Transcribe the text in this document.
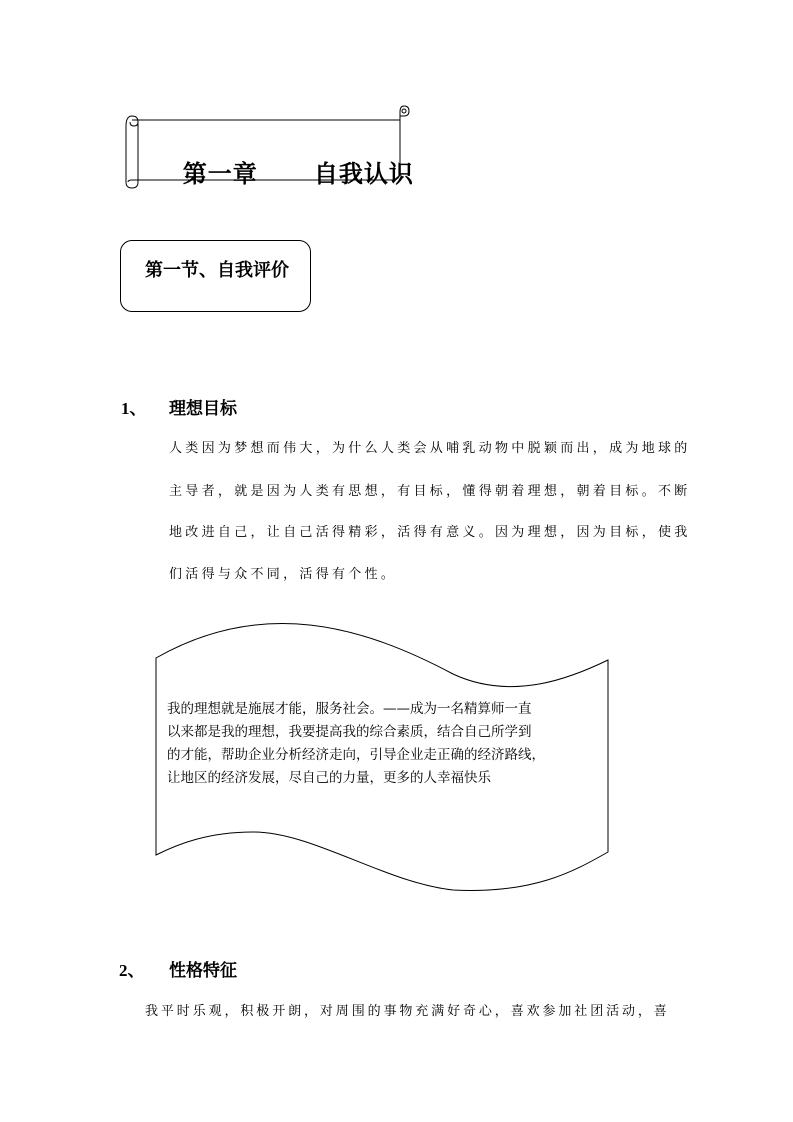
第一章 自我认识

第一节、自我评价
1、 理想目标
人类因为梦想而伟大，为什么人类会从哺乳动物中脱颖而出，成为地球的
主导者，就是因为人类有思想，有目标，懂得朝着理想，朝着目标。不断
地改进自己，让自己活得精彩，活得有意义。因为理想，因为目标，使我
们活得与众不同，活得有个性。
我的理想就是施展才能，服务社会。——成为一名精算师一直
以来都是我的理想，我要提高我的综合素质，结合自己所学到
的才能，帮助企业分析经济走向，引导企业走正确的经济路线，
让地区的经济发展，尽自己的力量，更多的人幸福快乐
2、 性格特征
我平时乐观，积极开朗，对周围的事物充满好奇心，喜欢参加社团活动，喜
